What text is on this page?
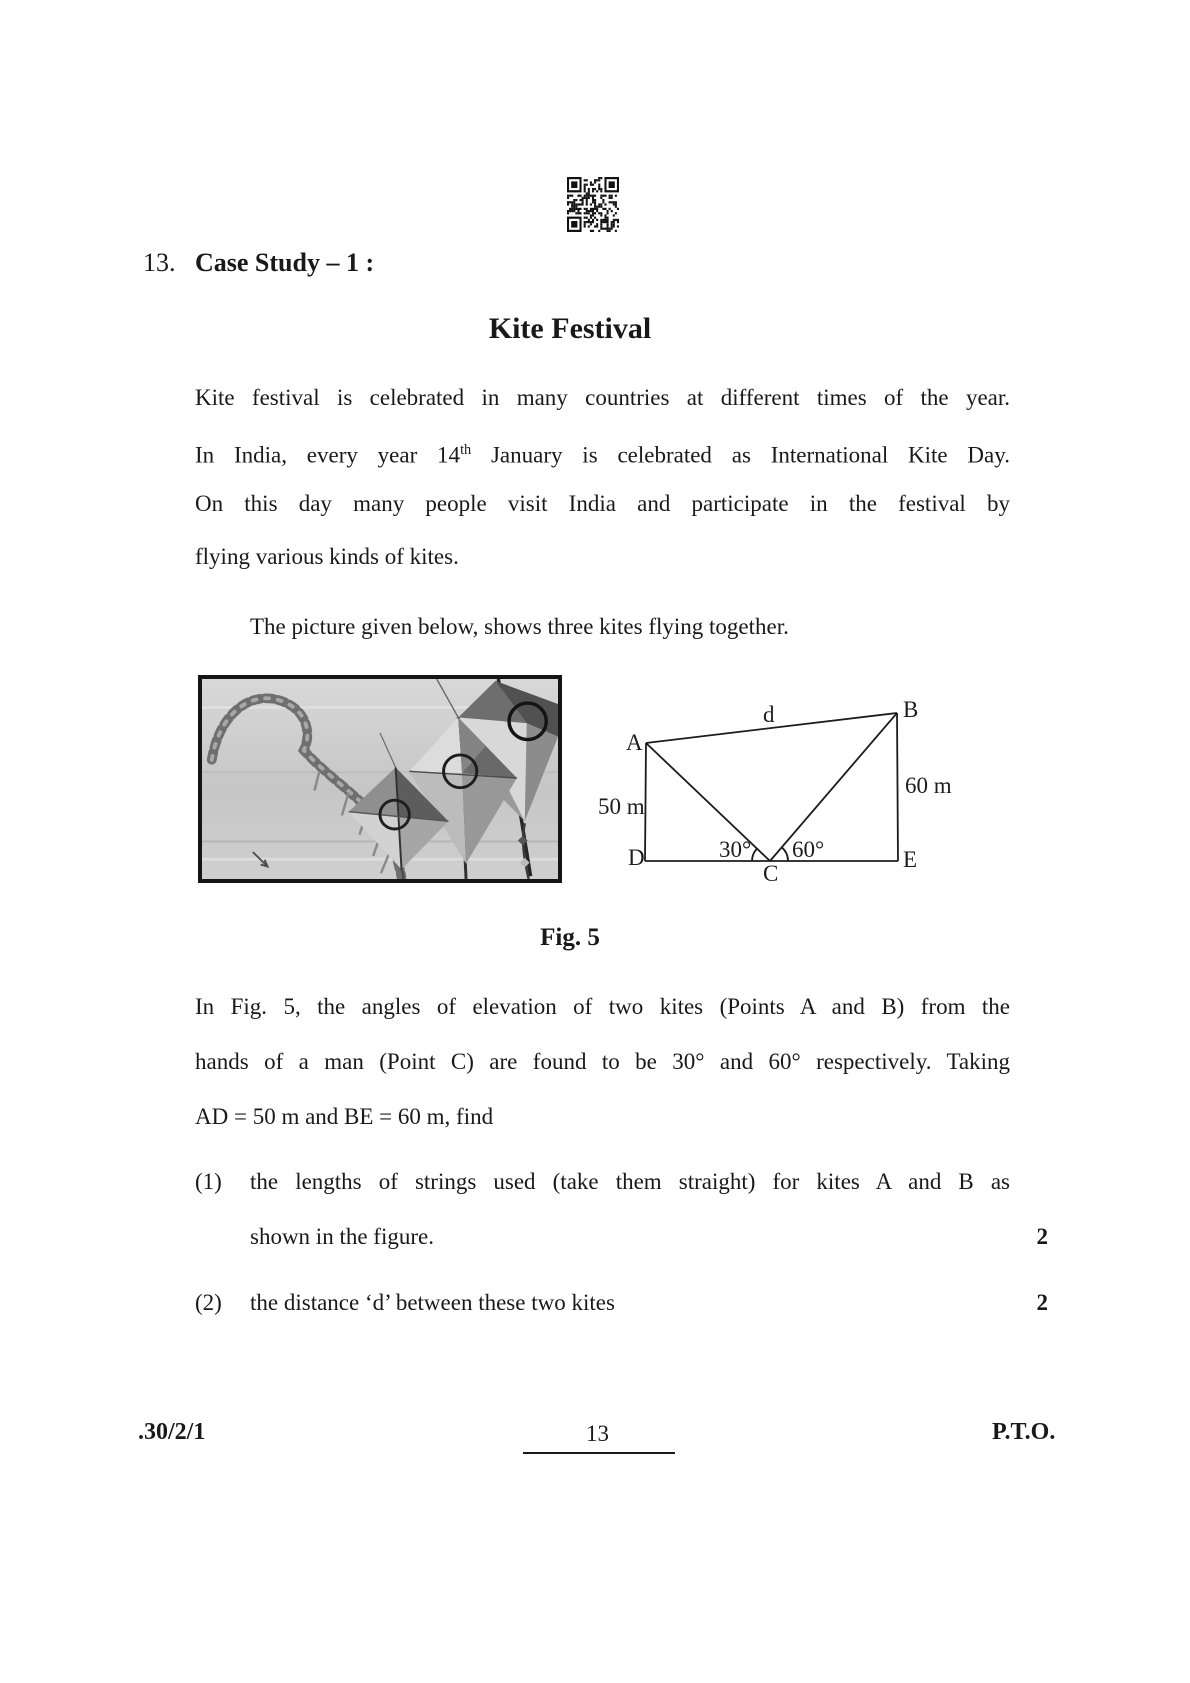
13. Case Study – 1 :
Kite Festival
Kite festival is celebrated in many countries at different times of the year.
In India, every year 14th January is celebrated as International Kite Day.
On this day many people visit India and participate in the festival by
flying various kinds of kites.
The picture given below, shows three kites flying together.
A
B
C
D	E
d
50 m
60 m
30° 60°
Fig. 5
In Fig. 5, the angles of elevation of two kites (Points A and B) from the
hands of a man (Point C) are found to be 30° and 60° respectively. Taking
AD = 50 m and BE = 60 m, find
(1) the lengths of strings used (take them straight) for kites A and B as
shown in the figure.	2
(2) the distance ‘d’ between these two kites	2
.30/2/1	13	P.T.O.
